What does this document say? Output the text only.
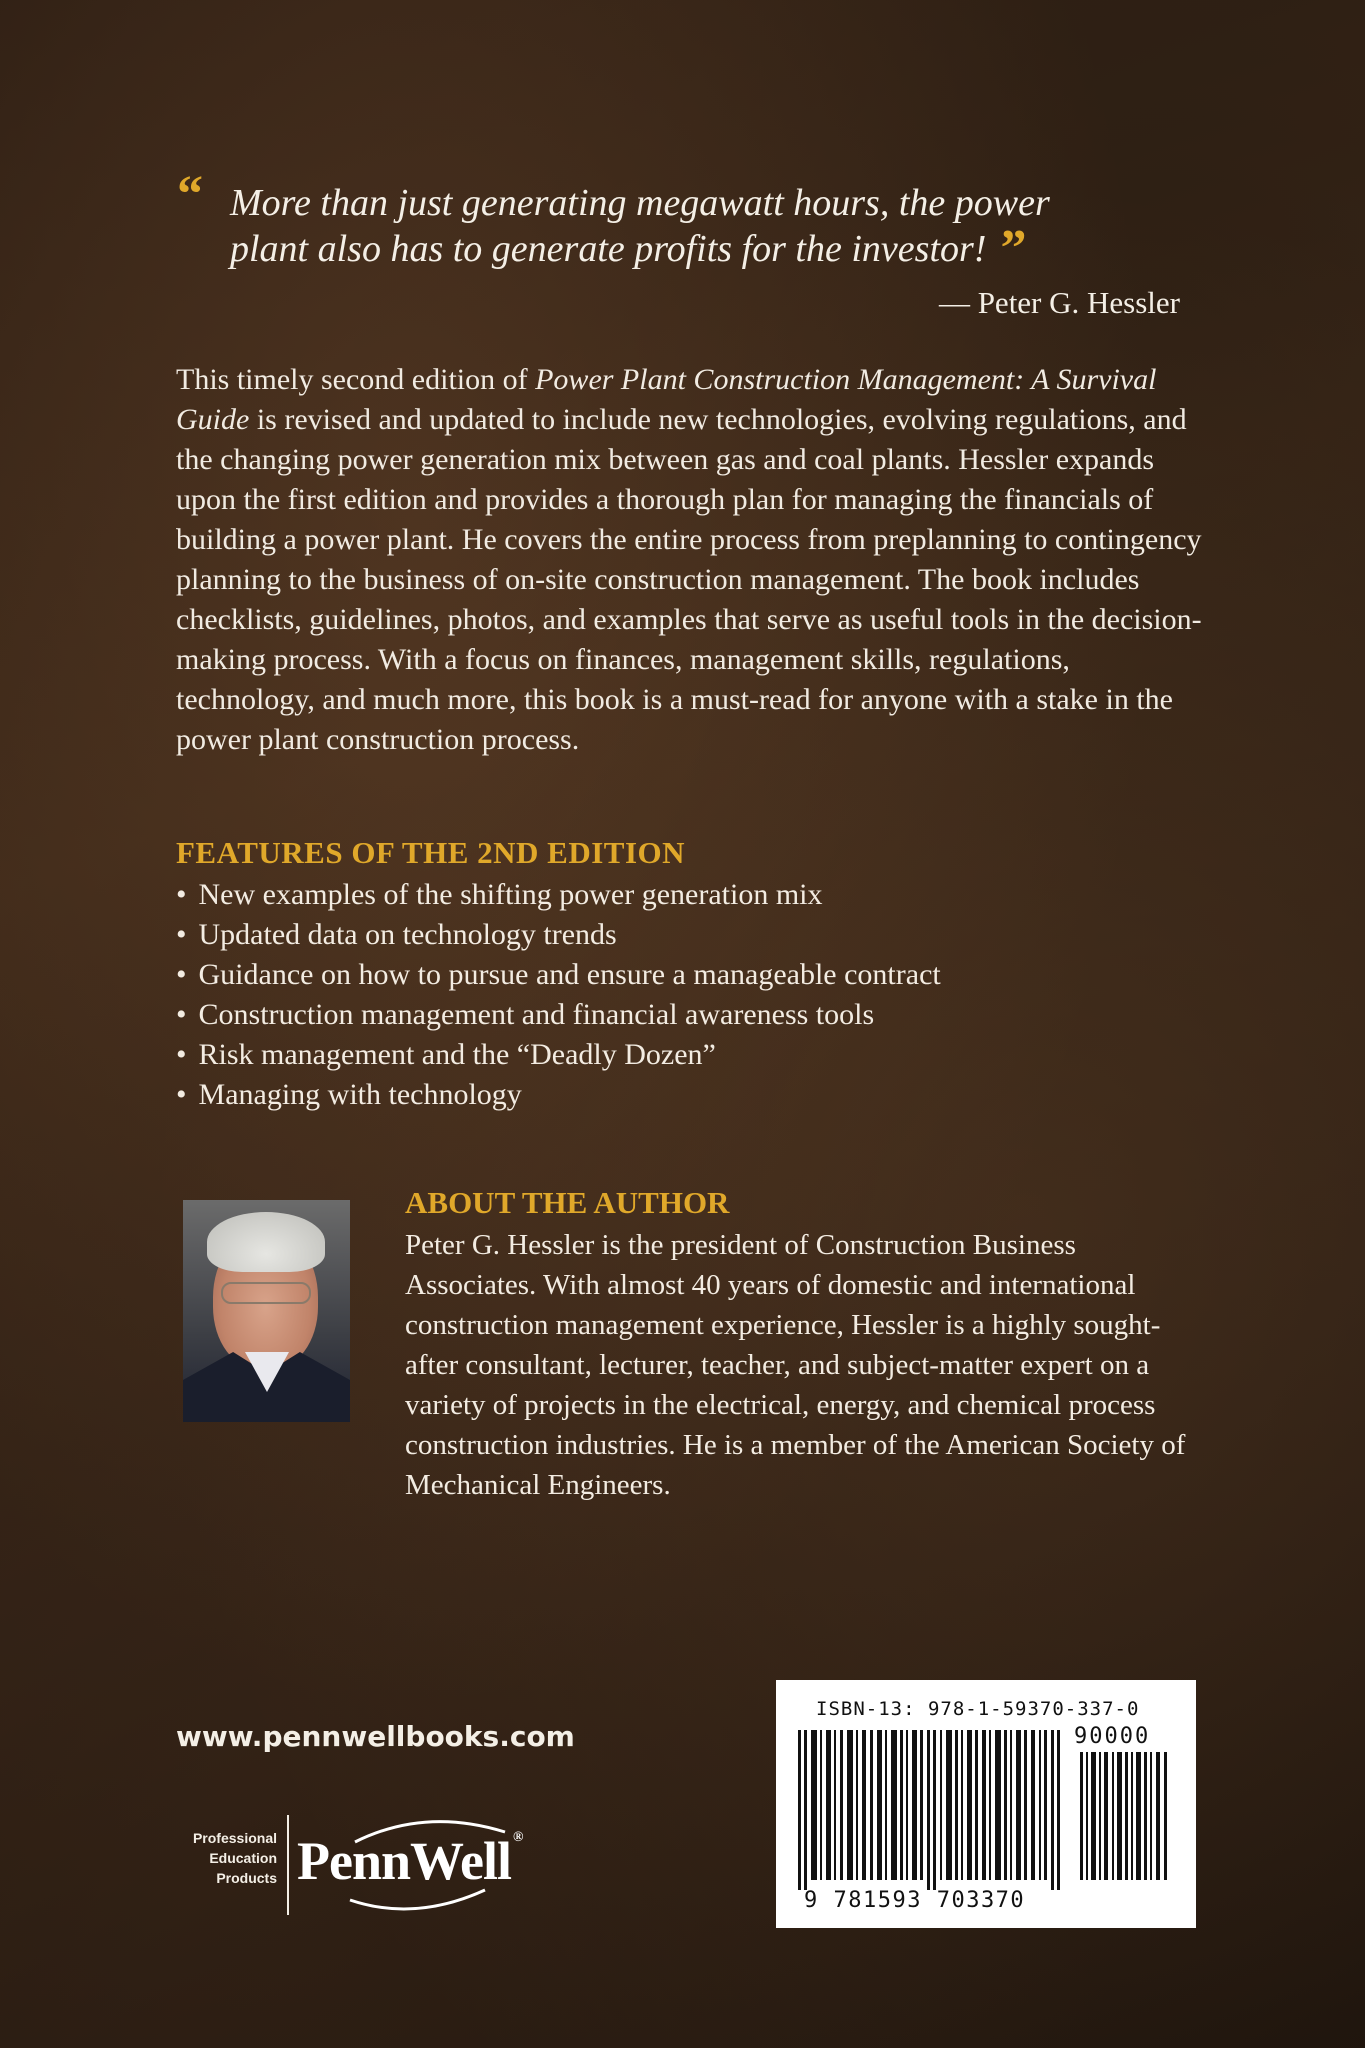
“ More than just generating megawatt hours, the power
plant also has to generate profits for the investor! ”
— Peter G. Hessler
This timely second edition of Power Plant Construction Management: A Survival Guide is revised and updated to include new technologies, evolving regulations, and the changing power generation mix between gas and coal plants. Hessler expands upon the first edition and provides a thorough plan for managing the financials of building a power plant. He covers the entire process from preplanning to contingency planning to the business of on-site construction management. The book includes checklists, guidelines, photos, and examples that serve as useful tools in the decision-making process. With a focus on finances, management skills, regulations, technology, and much more, this book is a must-read for anyone with a stake in the power plant construction process.
FEATURES OF THE 2ND EDITION
• New examples of the shifting power generation mix
• Updated data on technology trends
• Guidance on how to pursue and ensure a manageable contract
• Construction management and financial awareness tools
• Risk management and the “Deadly Dozen”
• Managing with technology
ABOUT THE AUTHOR
Peter G. Hessler is the president of Construction Business Associates. With almost 40 years of domestic and international construction management experience, Hessler is a highly sought-after consultant, lecturer, teacher, and subject-matter expert on a variety of projects in the electrical, energy, and chemical process construction industries. He is a member of the American Society of Mechanical Engineers.
www.pennwellbooks.com
Professional
Education
Products PennWell ®
ISBN-13: 978-1-59370-337-0
90000
9 781593 703370
